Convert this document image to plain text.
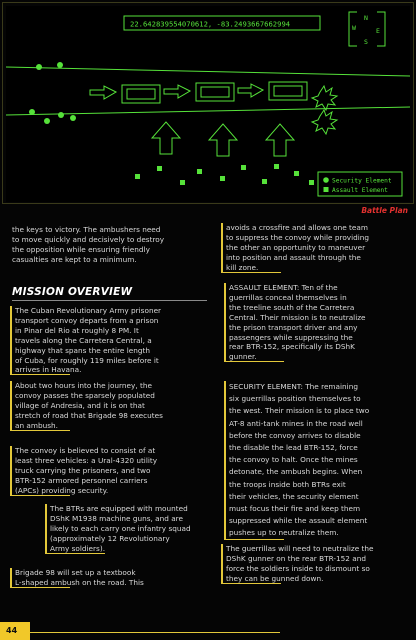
22.642839554070612, -83.2493667662994
N
W	E
S
Security Element
Assault Element
Battle Plan
the keys to victory. The ambushers need
to move quickly and decisively to destroy
the opposition while ensuring friendly
casualties are kept to a minimum.
MISSION OVERVIEW
The Cuban Revolutionary Army prisoner
transport convoy departs from a prison
in Pinar del Rio at roughly 8 PM. It
travels along the Carretera Central, a
highway that spans the entire length
of Cuba, for roughly 119 miles before it
arrives in Havana.
About two hours into the journey, the
convoy passes the sparsely populated
village of Andresia, and it is on that
stretch of road that Brigade 98 executes
an ambush.
The convoy is believed to consist of at
least three vehicles: a Ural-4320 utility
truck carrying the prisoners, and two
BTR-152 armored personnel carriers
(APCs) providing security.
The BTRs are equipped with mounted
DShK M1938 machine guns, and are
likely to each carry one infantry squad
(approximately 12 Revolutionary
Army soldiers).
Brigade 98 will set up a textbook
L-shaped ambush on the road. This
avoids a crossfire and allows one team
to suppress the convoy while providing
the other an opportunity to maneuver
into position and assault through the
kill zone.
ASSAULT ELEMENT: Ten of the
guerrillas conceal themselves in
the treeline south of the Carretera
Central. Their mission is to neutralize
the prison transport driver and any
passengers while suppressing the
rear BTR-152, specifically its DShK
gunner.
SECURITY ELEMENT: The remaining
six guerrillas position themselves to
the west. Their mission is to place two
AT-8 anti-tank mines in the road well
before the convoy arrives to disable
the disable the lead BTR-152, force
the convoy to halt. Once the mines
detonate, the ambush begins. When
the troops inside both BTRs exit
their vehicles, the security element
must focus their fire and keep them
suppressed while the assault element
pushes up to neutralize them.
The guerrillas will need to neutralize the
DShK gunner on the rear BTR-152 and
force the soldiers inside to dismount so
they can be gunned down.
44
